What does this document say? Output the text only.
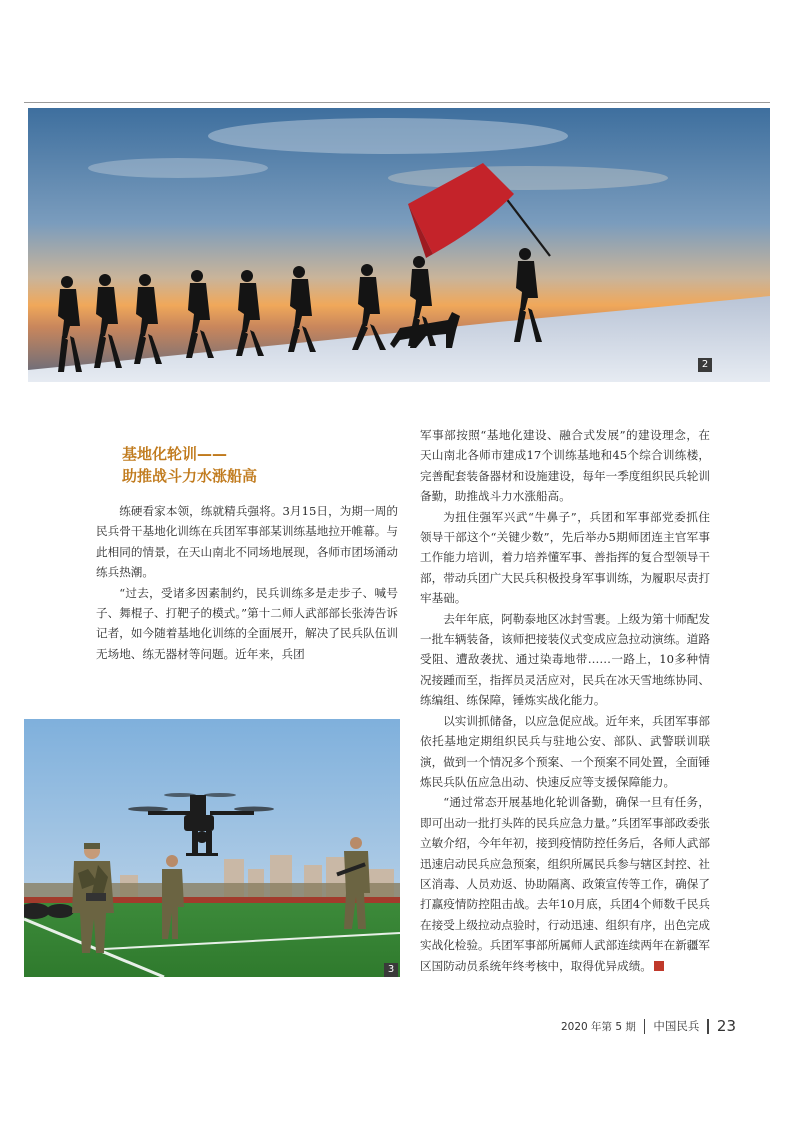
2
基地化轮训——
助推战斗力水涨船高

练硬看家本领，练就精兵强将。3月15日，为期一周的民兵骨干基地化训练在兵团军事部某训练基地拉开帷幕。与此相同的情景，在天山南北不同场地展现，各师市团场涌动练兵热潮。

“过去，受诸多因素制约，民兵训练多是走步子、喊号子、舞棍子、打靶子的模式。”第十二师人武部部长张涛告诉记者，如今随着基地化训练的全面展开，解决了民兵队伍训无场地、练无器材等问题。近年来，兵团

3

军事部按照“基地化建设、融合式发展”的建设理念，在天山南北各师市建成17个训练基地和45个综合训练楼，完善配套装备器材和设施建设，每年一季度组织民兵轮训备勤，助推战斗力水涨船高。

为扭住强军兴武“牛鼻子”，兵团和军事部党委抓住领导干部这个“关键少数”，先后举办5期师团连主官军事工作能力培训，着力培养懂军事、善指挥的复合型领导干部，带动兵团广大民兵积极投身军事训练，为履职尽责打牢基础。

去年年底，阿勒泰地区冰封雪裹。上级为第十师配发一批车辆装备，该师把接装仪式变成应急拉动演练。道路受阻、遭敌袭扰、通过染毒地带……一路上，10多种情况接踵而至，指挥员灵活应对，民兵在冰天雪地练协同、练编组、练保障，锤炼实战化能力。

以实训抓储备，以应急促应战。近年来，兵团军事部依托基地定期组织民兵与驻地公安、部队、武警联训联演，做到一个情况多个预案、一个预案不同处置，全面锤炼民兵队伍应急出动、快速反应等支援保障能力。

“通过常态开展基地化轮训备勤，确保一旦有任务，即可出动一批打头阵的民兵应急力量。”兵团军事部政委张立敏介绍，今年年初，接到疫情防控任务后，各师人武部迅速启动民兵应急预案，组织所属民兵参与辖区封控、社区消毒、人员劝返、协助隔离、政策宣传等工作，确保了打赢疫情防控阻击战。去年10月底，兵团4个师数千民兵在接受上级拉动点验时，行动迅速、组织有序，出色完成实战化检验。兵团军事部所属师人武部连续两年在新疆军区国防动员系统年终考核中，取得优异成绩。	ⓜ

2020 年第 5 期 中国民兵 23
